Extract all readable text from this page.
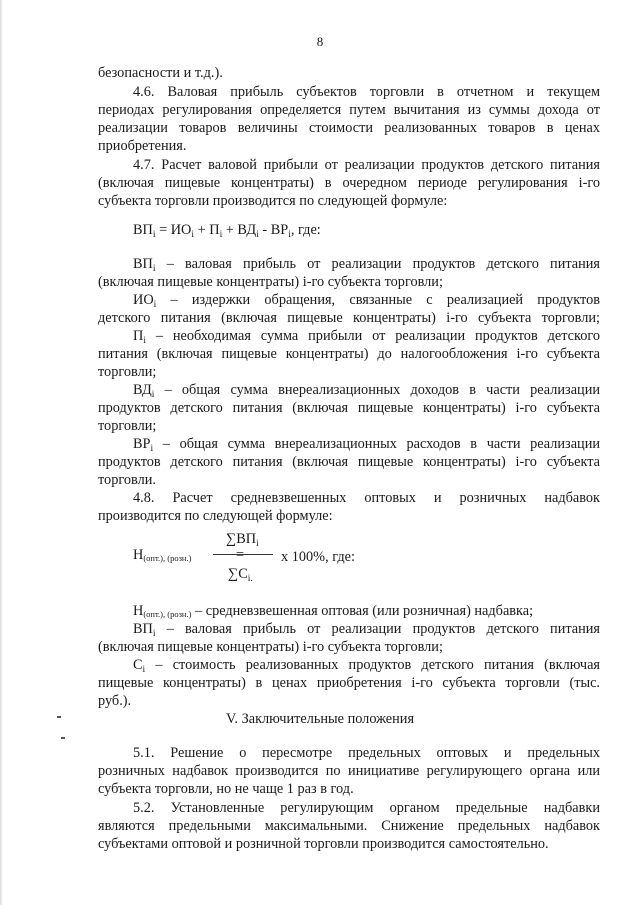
8
безопасности и т.д.).
4.6. Валовая прибыль субъектов торговли в отчетном и текущем
периодах регулирования определяется путем вычитания из суммы дохода от
реализации товаров величины стоимости реализованных товаров в ценах
приобретения.
4.7. Расчет валовой прибыли от реализации продуктов детского питания
(включая пищевые концентраты) в очередном периоде регулирования i-го
субъекта торговли производится по следующей формуле:
$ВП_i = ИО_i + П_i + ВД_i - ВР_i$, где:
$ВП_i$ – валовая прибыль от реализации продуктов детского питания
(включая пищевые концентраты) i-го субъекта торговли;
$ИО_i$ – издержки обращения, связанные с реализацией продуктов
детского питания (включая пищевые концентраты) i-го субъекта торговли;
$П_i$ – необходимая сумма прибыли от реализации продуктов детского
питания (включая пищевые концентраты) до налогообложения i-го субъекта
торговли;
$ВД_i$ – общая сумма внереализационных доходов в части реализации
продуктов детского питания (включая пищевые концентраты) i-го субъекта
торговли;
$ВР_i$ – общая сумма внереализационных расходов в части реализации
продуктов детского питания (включая пищевые концентраты) i-го субъекта
торговли.
4.8. Расчет средневзвешенных оптовых и розничных надбавок
производится по следующей формуле:
Н(опт.), (розн.)	=
$\sum ВП_i$
$\sum С_{i.}$
x 100%, где:
Н(опт.), (розн.) – средневзвешенная оптовая (или розничная) надбавка;
$ВП_i$ – валовая прибыль от реализации продуктов детского питания
(включая пищевые концентраты) i-го субъекта торговли;
$С_i$ – стоимость реализованных продуктов детского питания (включая
пищевые концентраты) в ценах приобретения i-го субъекта торговли (тыс.
руб.).
V. Заключительные положения
5.1. Решение о пересмотре предельных оптовых и предельных
розничных надбавок производится по инициативе регулирующего органа или
субъекта торговли, но не чаще 1 раз в год.
5.2. Установленные регулирующим органом предельные надбавки
являются предельными максимальными. Снижение предельных надбавок
субъектами оптовой и розничной торговли производится самостоятельно.
